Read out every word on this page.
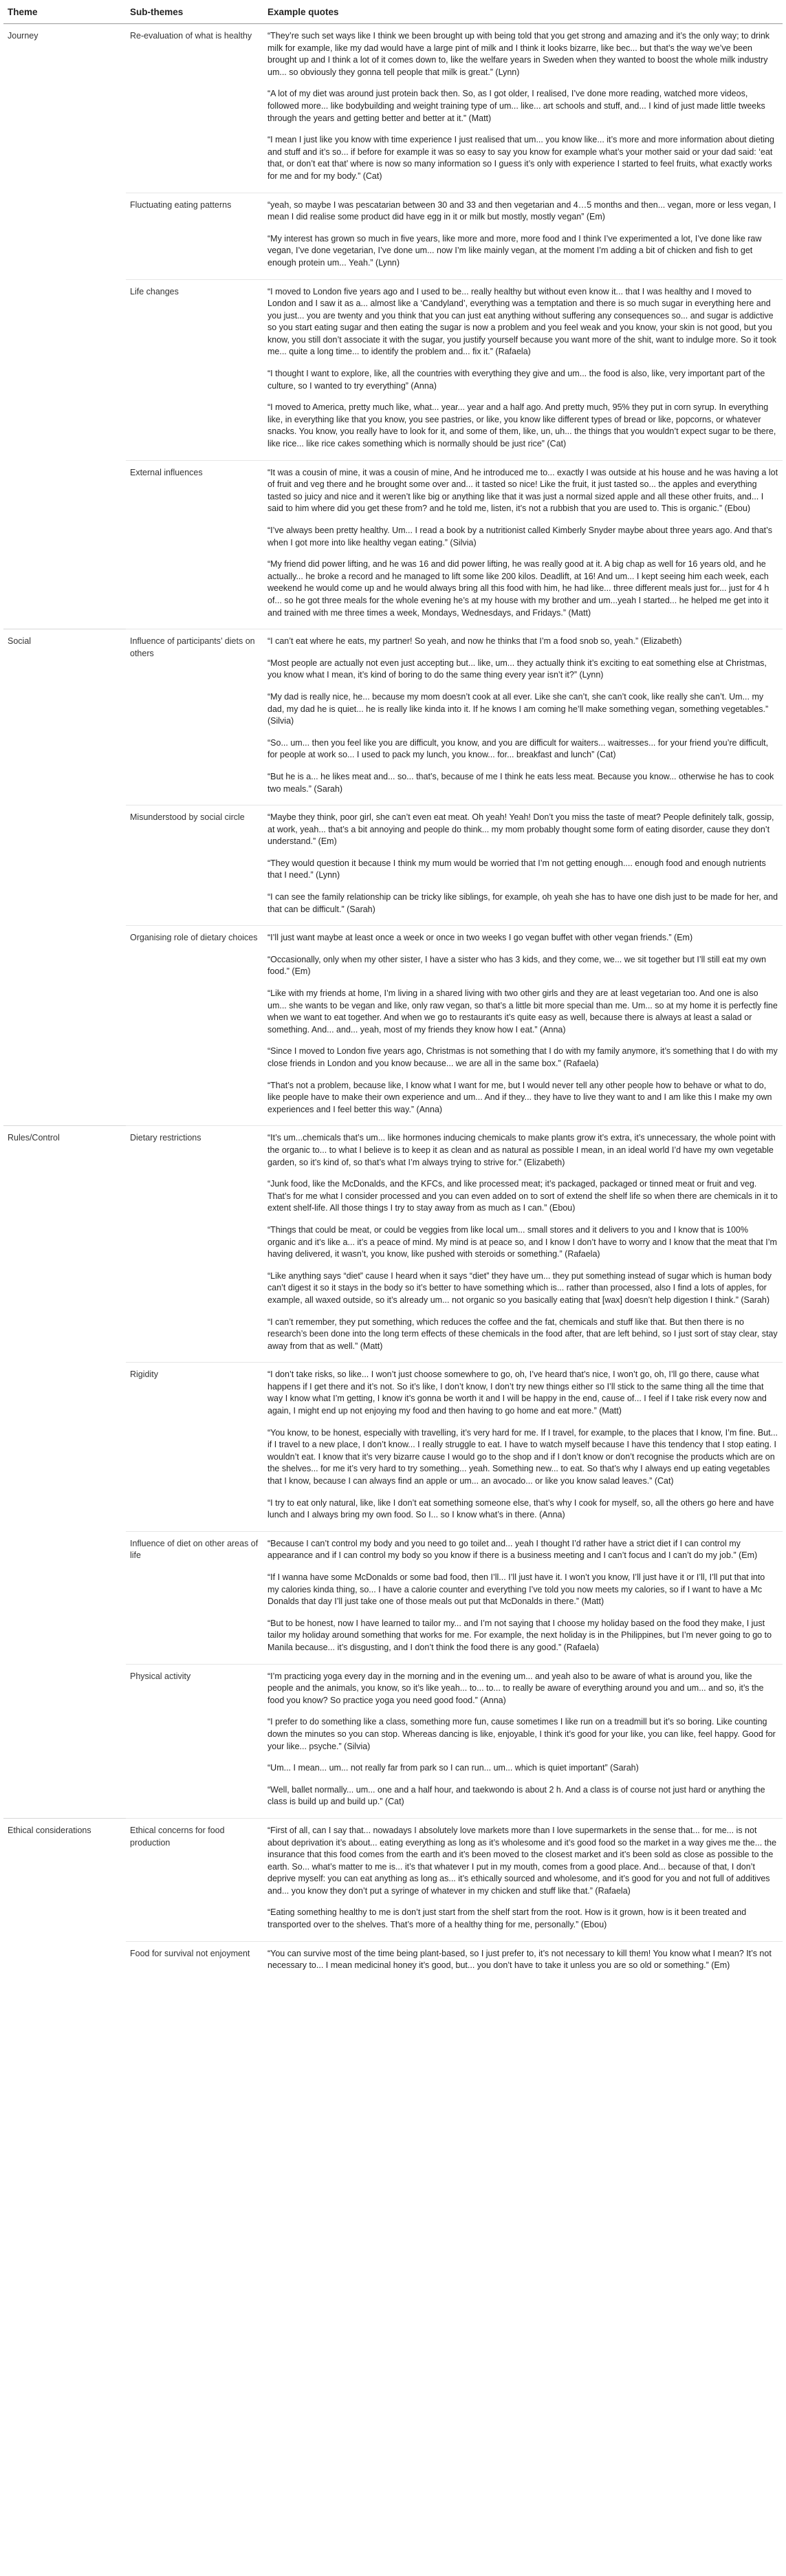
Theme	Sub-themes	Example quotes
Journey	Re-evaluation of what is healthy	“They’re such set ways like I think we been brought up with being told that you get strong and amazing and it’s the only way; to drink milk for example, like my dad would have a large pint of milk and I think it looks bizarre, like bec... but that’s the way we’ve been brought up and I think a lot of it comes down to, like the welfare years in Sweden when they wanted to boost the whole milk industry um... so obviously they gonna tell people that milk is great.” (Lynn)

“A lot of my diet was around just protein back then. So, as I got older, I realised, I’ve done more reading, watched more videos, followed more... like bodybuilding and weight training type of um... like... art schools and stuff, and... I kind of just made little tweeks through the years and getting better and better at it.” (Matt)

“I mean I just like you know with time experience I just realised that um... you know like... it’s more and more information about dieting and stuff and it’s so... if before for example it was so easy to say you know for example what’s your mother said or your dad said: ‘eat that, or don’t eat that’ where is now so many information so I guess it’s only with experience I started to feel fruits, what exactly works for me and for my body.” (Cat)

	Fluctuating eating patterns	“yeah, so maybe I was pescatarian between 30 and 33 and then vegetarian and 4…5 months and then... vegan, more or less vegan, I mean I did realise some product did have egg in it or milk but mostly, mostly vegan” (Em)

“My interest has grown so much in five years, like more and more, more food and I think I’ve experimented a lot, I’ve done like raw vegan, I’ve done vegetarian, I’ve done um... now I’m like mainly vegan, at the moment I’m adding a bit of chicken and fish to get enough protein um... Yeah.” (Lynn)

	Life changes	“I moved to London five years ago and I used to be... really healthy but without even know it... that I was healthy and I moved to London and I saw it as a... almost like a ‘Candyland’, everything was a temptation and there is so much sugar in everything here and you just... you are twenty and you think that you can just eat anything without suffering any consequences so... and sugar is addictive so you start eating sugar and then eating the sugar is now a problem and you feel weak and you know, your skin is not good, but you know, you still don’t associate it with the sugar, you justify yourself because you want more of the shit, want to indulge more. So it took me... quite a long time... to identify the problem and... fix it.” (Rafaela)

“I thought I want to explore, like, all the countries with everything they give and um... the food is also, like, very important part of the culture, so I wanted to try everything” (Anna)

“I moved to America, pretty much like, what... year... year and a half ago. And pretty much, 95% they put in corn syrup. In everything like, in everything like that you know, you see pastries, or like, you know like different types of bread or like, popcorns, or whatever snacks. You know, you really have to look for it, and some of them, like, un, uh... the things that you wouldn’t expect sugar to be there, like rice... like rice cakes something which is normally should be just rice” (Cat)

	External influences	“It was a cousin of mine, it was a cousin of mine, And he introduced me to... exactly I was outside at his house and he was having a lot of fruit and veg there and he brought some over and... it tasted so nice! Like the fruit, it just tasted so... the apples and everything tasted so juicy and nice and it weren’t like big or anything like that it was just a normal sized apple and all these other fruits, and... I said to him where did you get these from? and he told me, listen, it’s not a rubbish that you are used to. This is organic.” (Ebou)

“I’ve always been pretty healthy. Um... I read a book by a nutritionist called Kimberly Snyder maybe about three years ago. And that’s when I got more into like healthy vegan eating.” (Silvia)

“My friend did power lifting, and he was 16 and did power lifting, he was really good at it. A big chap as well for 16 years old, and he actually... he broke a record and he managed to lift some like 200 kilos. Deadlift, at 16! And um... I kept seeing him each week, each weekend he would come up and he would always bring all this food with him, he had like... three different meals just for... just for 4 h of... so he got three meals for the whole evening he’s at my house with my brother and um...yeah I started... he helped me get into it and trained with me three times a week, Mondays, Wednesdays, and Fridays.” (Matt)

Social	Influence of participants’ diets on others	“I can’t eat where he eats, my partner! So yeah, and now he thinks that I’m a food snob so, yeah.” (Elizabeth)

“Most people are actually not even just accepting but... like, um... they actually think it’s exciting to eat something else at Christmas, you know what I mean, it’s kind of boring to do the same thing every year isn’t it?” (Lynn)

“My dad is really nice, he... because my mom doesn’t cook at all ever. Like she can’t, she can’t cook, like really she can’t. Um... my dad, my dad he is quiet... he is really like kinda into it. If he knows I am coming he’ll make something vegan, something vegetables.” (Silvia)

“So... um... then you feel like you are difficult, you know, and you are difficult for waiters... waitresses... for your friend you’re difficult, for people at work so... I used to pack my lunch, you know... for... breakfast and lunch” (Cat)

“But he is a... he likes meat and... so... that’s, because of me I think he eats less meat. Because you know... otherwise he has to cook two meals.” (Sarah)

	Misunderstood by social circle	“Maybe they think, poor girl, she can’t even eat meat. Oh yeah! Yeah! Don’t you miss the taste of meat? People definitely talk, gossip, at work, yeah... that’s a bit annoying and people do think... my mom probably thought some form of eating disorder, cause they don’t understand.” (Em)

“They would question it because I think my mum would be worried that I’m not getting enough.... enough food and enough nutrients that I need.” (Lynn)

“I can see the family relationship can be tricky like siblings, for example, oh yeah she has to have one dish just to be made for her, and that can be difficult.” (Sarah)

	Organising role of dietary choices	“I’ll just want maybe at least once a week or once in two weeks I go vegan buffet with other vegan friends.” (Em)

“Occasionally, only when my other sister, I have a sister who has 3 kids, and they come, we... we sit together but I’ll still eat my own food.” (Em)

“Like with my friends at home, I’m living in a shared living with two other girls and they are at least vegetarian too. And one is also um... she wants to be vegan and like, only raw vegan, so that’s a little bit more special than me. Um... so at my home it is perfectly fine when we want to eat together. And when we go to restaurants it’s quite easy as well, because there is always at least a salad or something. And... and... yeah, most of my friends they know how I eat.” (Anna)

“Since I moved to London five years ago, Christmas is not something that I do with my family anymore, it’s something that I do with my close friends in London and you know because... we are all in the same box.” (Rafaela)

“That’s not a problem, because like, I know what I want for me, but I would never tell any other people how to behave or what to do, like people have to make their own experience and um... And if they... they have to live they want to and I am like this I make my own experiences and I feel better this way.” (Anna)

Rules/Control	Dietary restrictions	“It’s um...chemicals that’s um... like hormones inducing chemicals to make plants grow it’s extra, it’s unnecessary, the whole point with the organic to... to what I believe is to keep it as clean and as natural as possible I mean, in an ideal world I’d have my own vegetable garden, so it’s kind of, so that’s what I’m always trying to strive for.” (Elizabeth)

“Junk food, like the McDonalds, and the KFCs, and like processed meat; it’s packaged, packaged or tinned meat or fruit and veg. That’s for me what I consider processed and you can even added on to sort of extend the shelf life so when there are chemicals in it to extent shelf-life. All those things I try to stay away from as much as I can.” (Ebou)

“Things that could be meat, or could be veggies from like local um... small stores and it delivers to you and I know that is 100% organic and it’s like a... it’s a peace of mind. My mind is at peace so, and I know I don’t have to worry and I know that the meat that I’m having delivered, it wasn’t, you know, like pushed with steroids or something.” (Rafaela)

“Like anything says “diet” cause I heard when it says “diet” they have um... they put something instead of sugar which is human body can’t digest it so it stays in the body so it’s better to have something which is... rather than processed, also I find a lots of apples, for example, all waxed outside, so it’s already um... not organic so you basically eating that [wax] doesn’t help digestion I think.” (Sarah)

“I can’t remember, they put something, which reduces the coffee and the fat, chemicals and stuff like that. But then there is no research’s been done into the long term effects of these chemicals in the food after, that are left behind, so I just sort of stay clear, stay away from that as well.” (Matt)

	Rigidity	“I don’t take risks, so like... I won’t just choose somewhere to go, oh, I’ve heard that’s nice, I won’t go, oh, I’ll go there, cause what happens if I get there and it’s not. So it’s like, I don’t know, I don’t try new things either so I’ll stick to the same thing all the time that way I know what I’m getting, I know it’s gonna be worth it and I will be happy in the end, cause of... I feel if I take risk every now and again, I might end up not enjoying my food and then having to go home and eat more.” (Matt)

“You know, to be honest, especially with travelling, it’s very hard for me. If I travel, for example, to the places that I know, I’m fine. But... if I travel to a new place, I don’t know... I really struggle to eat. I have to watch myself because I have this tendency that I stop eating. I wouldn’t eat. I know that it’s very bizarre cause I would go to the shop and if I don’t know or don’t recognise the products which are on the shelves... for me it’s very hard to try something... yeah. Something new... to eat. So that’s why I always end up eating vegetables that I know, because I can always find an apple or um... an avocado... or like you know salad leaves.” (Cat)

“I try to eat only natural, like, like I don’t eat something someone else, that’s why I cook for myself, so, all the others go here and have lunch and I always bring my own food. So I... so I know what’s in there. (Anna)

	Influence of diet on other areas of life	“Because I can’t control my body and you need to go toilet and... yeah I thought I’d rather have a strict diet if I can control my appearance and if I can control my body so you know if there is a business meeting and I can’t focus and I can’t do my job.” (Em)

“If I wanna have some McDonalds or some bad food, then I’ll... I’ll just have it. I won’t you know, I’ll just have it or I’ll, I’ll put that into my calories kinda thing, so... I have a calorie counter and everything I’ve told you now meets my calories, so if I want to have a Mc Donalds that day I’ll just take one of those meals out put that McDonalds in there.” (Matt)

“But to be honest, now I have learned to tailor my... and I’m not saying that I choose my holiday based on the food they make, I just tailor my holiday around something that works for me. For example, the next holiday is in the Philippines, but I’m never going to go to Manila because... it’s disgusting, and I don’t think the food there is any good.” (Rafaela)

	Physical activity	“I’m practicing yoga every day in the morning and in the evening um... and yeah also to be aware of what is around you, like the people and the animals, you know, so it’s like yeah... to... to... to really be aware of everything around you and um... and so, it’s the food you know? So practice yoga you need good food.” (Anna)

“I prefer to do something like a class, something more fun, cause sometimes I like run on a treadmill but it’s so boring. Like counting down the minutes so you can stop. Whereas dancing is like, enjoyable, I think it’s good for your like, you can like, feel happy. Good for your like... psyche.” (Silvia)

“Um... I mean... um... not really far from park so I can run... um... which is quiet important” (Sarah)

“Well, ballet normally... um... one and a half hour, and taekwondo is about 2 h. And a class is of course not just hard or anything the class is build up and build up.” (Cat)

Ethical considerations	Ethical concerns for food production	“First of all, can I say that... nowadays I absolutely love markets more than I love supermarkets in the sense that... for me... is not about deprivation it’s about... eating everything as long as it’s wholesome and it’s good food so the market in a way gives me the... the insurance that this food comes from the earth and it’s been moved to the closest market and it’s been sold as close as possible to the earth. So... what’s matter to me is... it’s that whatever I put in my mouth, comes from a good place. And... because of that, I don’t deprive myself: you can eat anything as long as... it’s ethically sourced and wholesome, and it’s good for you and not full of additives and... you know they don’t put a syringe of whatever in my chicken and stuff like that.” (Rafaela)

“Eating something healthy to me is don’t just start from the shelf start from the root. How is it grown, how is it been treated and transported over to the shelves. That’s more of a healthy thing for me, personally.” (Ebou)

	Food for survival not enjoyment	“You can survive most of the time being plant-based, so I just prefer to, it’s not necessary to kill them! You know what I mean? It’s not necessary to... I mean medicinal honey it’s good, but... you don’t have to take it unless you are so old or something.” (Em)
